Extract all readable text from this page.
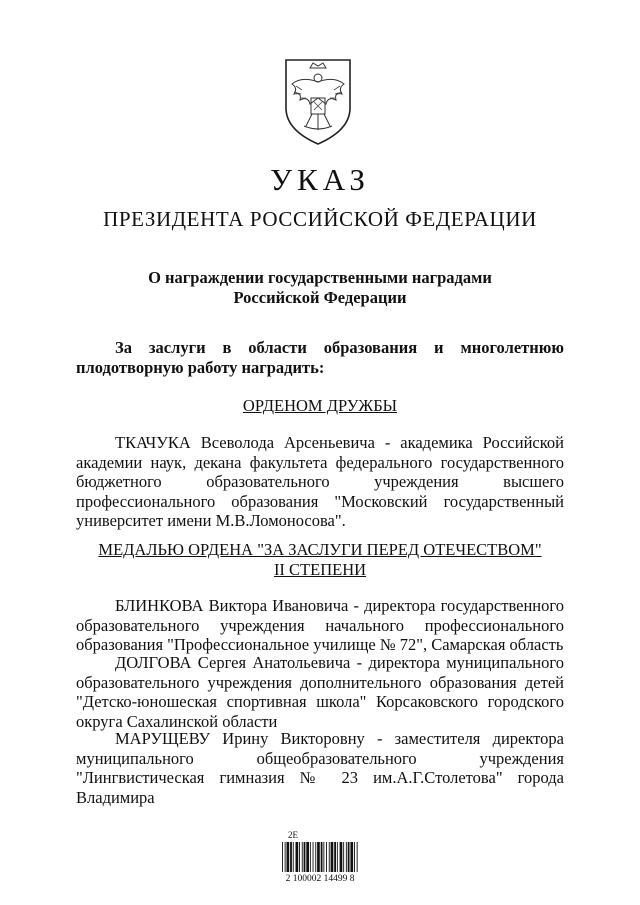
УКАЗ
ПРЕЗИДЕНТА РОССИЙСКОЙ ФЕДЕРАЦИИ
О награждении государственными наградами
Российской Федерации
За заслуги в области образования и многолетнюю
плодотворную работу наградить:
ОРДЕНОМ ДРУЖБЫ
ТКАЧУКА Всеволода Арсеньевича - академика Российской
академии наук, декана факультета федерального государственного
бюджетного образовательного учреждения высшего
профессионального образования "Московский государственный
университет имени М.В.Ломоносова".
МЕДАЛЬЮ ОРДЕНА "ЗА ЗАСЛУГИ ПЕРЕД ОТЕЧЕСТВОМ"
II СТЕПЕНИ
БЛИНКОВА Виктора Ивановича - директора государственного
образовательного учреждения начального профессионального
образования "Профессиональное училище № 72", Самарская область
ДОЛГОВА Сергея Анатольевича - директора муниципального
образовательного учреждения дополнительного образования детей
"Детско-юношеская спортивная школа" Корсаковского городского
округа Сахалинской области
МАРУЩЕВУ Ирину Викторовну - заместителя директора
муниципального общеобразовательного учреждения
"Лингвистическая гимназия № 23 им.А.Г.Столетова" города
Владимира
2Е
2 100002 14499 8
